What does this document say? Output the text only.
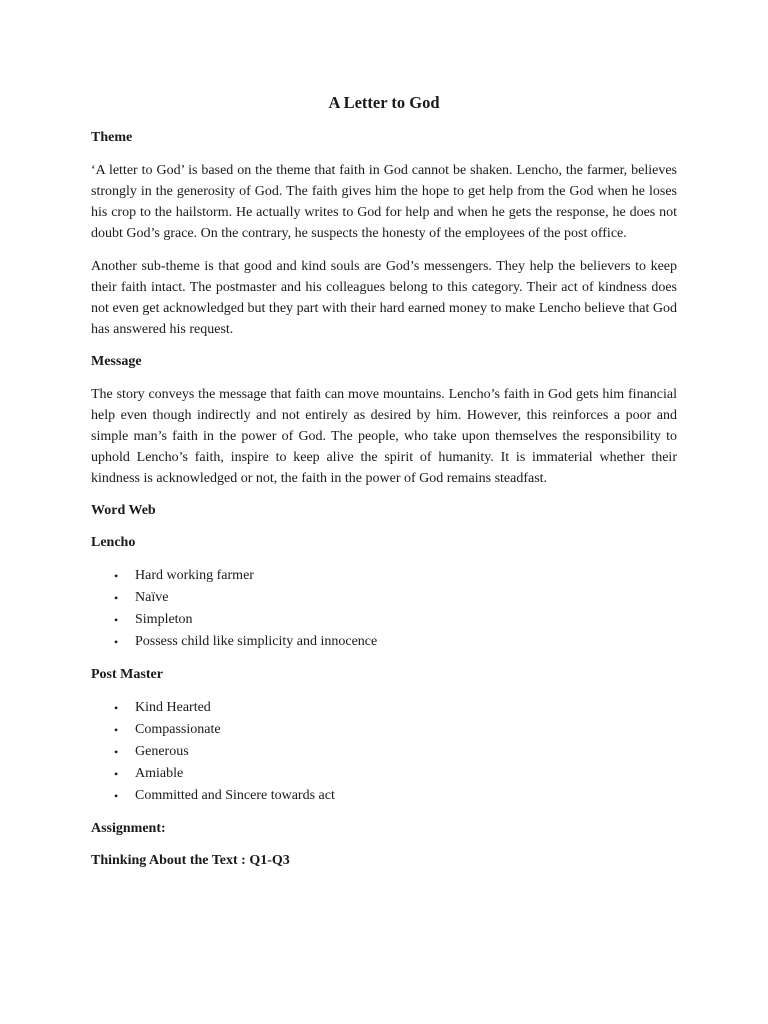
A Letter to God
Theme

‘A letter to God’ is based on the theme that faith in God cannot be shaken. Lencho, the farmer, believes strongly in the generosity of God. The faith gives him the hope to get help from the God when he loses his crop to the hailstorm. He actually writes to God for help and when he gets the response, he does not doubt God’s grace. On the contrary, he suspects the honesty of the employees of the post office.

Another sub-theme is that good and kind souls are God’s messengers. They help the believers to keep their faith intact. The postmaster and his colleagues belong to this category. Their act of kindness does not even get acknowledged but they part with their hard earned money to make Lencho believe that God has answered his request.

Message

The story conveys the message that faith can move mountains. Lencho’s faith in God gets him financial help even though indirectly and not entirely as desired by him. However, this reinforces a poor and simple man’s faith in the power of God. The people, who take upon themselves the responsibility to uphold Lencho’s faith, inspire to keep alive the spirit of humanity. It is immaterial whether their kindness is acknowledged or not, the faith in the power of God remains steadfast.

Word Web
Lencho
• Hard working farmer
• Naïve
• Simpleton
• Possess child like simplicity and innocence
Post Master
• Kind Hearted
• Compassionate
• Generous
• Amiable
• Committed and Sincere towards act
Assignment:
Thinking About the Text : Q1-Q3
